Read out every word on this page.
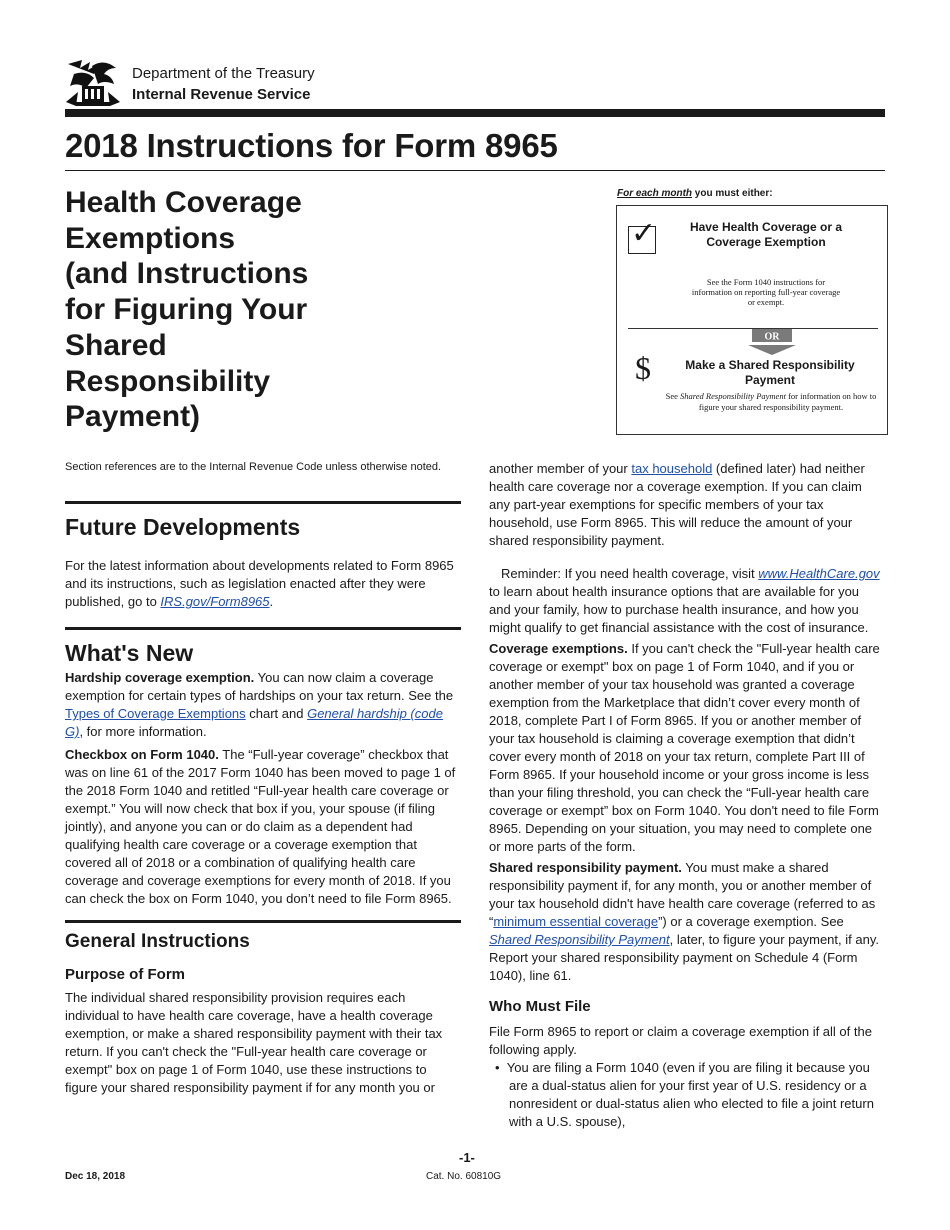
Department of the Treasury
Internal Revenue Service
2018 Instructions for Form 8965
Health Coverage
Exemptions
(and Instructions
for Figuring Your
Shared
Responsibility
Payment)
For each month you must either:
✓	Have Health Coverage or a Coverage Exemption
See the Form 1040 instructions for information on reporting full-year coverage or exempt.
OR
$	Make a Shared Responsibility Payment
See Shared Responsibility Payment for information on how to figure your shared responsibility payment.

Section references are to the Internal Revenue Code unless otherwise noted.

Future Developments

For the latest information about developments related to Form 8965 and its instructions, such as legislation enacted after they were published, go to IRS.gov/Form8965.

What's New

Hardship coverage exemption. You can now claim a coverage exemption for certain types of hardships on your tax return. See the Types of Coverage Exemptions chart and General hardship (code G), for more information.

Checkbox on Form 1040. The “Full-year coverage” checkbox that was on line 61 of the 2017 Form 1040 has been moved to page 1 of the 2018 Form 1040 and retitled “Full-year health care coverage or exempt.” You will now check that box if you, your spouse (if filing jointly), and anyone you can or do claim as a dependent had qualifying health care coverage or a coverage exemption that covered all of 2018 or a combination of qualifying health care coverage and coverage exemptions for every month of 2018. If you can check the box on Form 1040, you don’t need to file Form 8965.

General Instructions
Purpose of Form

The individual shared responsibility provision requires each individual to have health care coverage, have a health coverage exemption, or make a shared responsibility payment with their tax return. If you can't check the "Full-year health care coverage or exempt" box on page 1 of Form 1040, use these instructions to figure your shared responsibility payment if for any month you or

another member of your tax household (defined later) had neither health care coverage nor a coverage exemption. If you can claim any part-year exemptions for specific members of your tax household, use Form 8965. This will reduce the amount of your shared responsibility payment.

Reminder: If you need health coverage, visit www.HealthCare.gov to learn about health insurance options that are available for you and your family, how to purchase health insurance, and how you might qualify to get financial assistance with the cost of insurance.

Coverage exemptions. If you can't check the "Full-year health care coverage or exempt" box on page 1 of Form 1040, and if you or another member of your tax household was granted a coverage exemption from the Marketplace that didn’t cover every month of 2018, complete Part I of Form 8965. If you or another member of your tax household is claiming a coverage exemption that didn’t cover every month of 2018 on your tax return, complete Part III of Form 8965. If your household income or your gross income is less than your filing threshold, you can check the “Full-year health care coverage or exempt” box on Form 1040. You don't need to file Form 8965. Depending on your situation, you may need to complete one or more parts of the form.

Shared responsibility payment. You must make a shared responsibility payment if, for any month, you or another member of your tax household didn't have health care coverage (referred to as “minimum essential coverage”) or a coverage exemption. See Shared Responsibility Payment, later, to figure your payment, if any. Report your shared responsibility payment on Schedule 4 (Form 1040), line 61.

Who Must File

File Form 8965 to report or claim a coverage exemption if all of the following apply.

• You are filing a Form 1040 (even if you are filing it because you are a dual-status alien for your first year of U.S. residency or a nonresident or dual-status alien who elected to file a joint return with a U.S. spouse),

-1-
Dec 18, 2018	Cat. No. 60810G
